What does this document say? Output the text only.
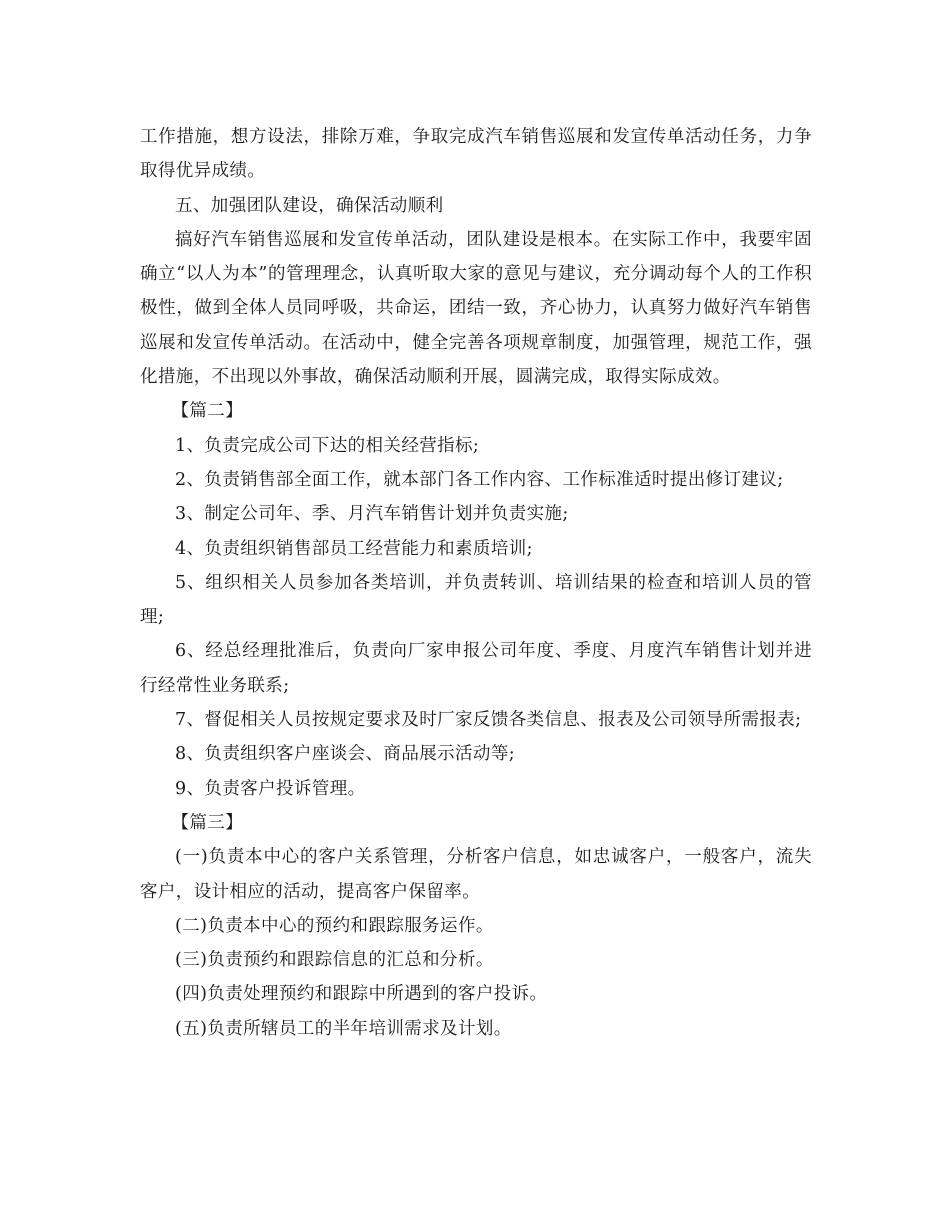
工作措施，想方设法，排除万难，争取完成汽车销售巡展和发宣传单活动任务，力争取得优异成绩。

五、加强团队建设，确保活动顺利

搞好汽车销售巡展和发宣传单活动，团队建设是根本。在实际工作中，我要牢固确立“以人为本”的管理理念，认真听取大家的意见与建议，充分调动每个人的工作积极性，做到全体人员同呼吸，共命运，团结一致，齐心协力，认真努力做好汽车销售巡展和发宣传单活动。在活动中，健全完善各项规章制度，加强管理，规范工作，强化措施，不出现以外事故，确保活动顺利开展，圆满完成，取得实际成效。

【篇二】

1、负责完成公司下达的相关经营指标;

2、负责销售部全面工作，就本部门各工作内容、工作标准适时提出修订建议;

3、制定公司年、季、月汽车销售计划并负责实施;

4、负责组织销售部员工经营能力和素质培训;

5、组织相关人员参加各类培训，并负责转训、培训结果的检查和培训人员的管理;

6、经总经理批准后，负责向厂家申报公司年度、季度、月度汽车销售计划并进行经常性业务联系;

7、督促相关人员按规定要求及时厂家反馈各类信息、报表及公司领导所需报表;

8、负责组织客户座谈会、商品展示活动等;

9、负责客户投诉管理。

【篇三】

(一)负责本中心的客户关系管理，分析客户信息，如忠诚客户，一般客户，流失客户，设计相应的活动，提高客户保留率。

(二)负责本中心的预约和跟踪服务运作。

(三)负责预约和跟踪信息的汇总和分析。

(四)负责处理预约和跟踪中所遇到的客户投诉。

(五)负责所辖员工的半年培训需求及计划。
